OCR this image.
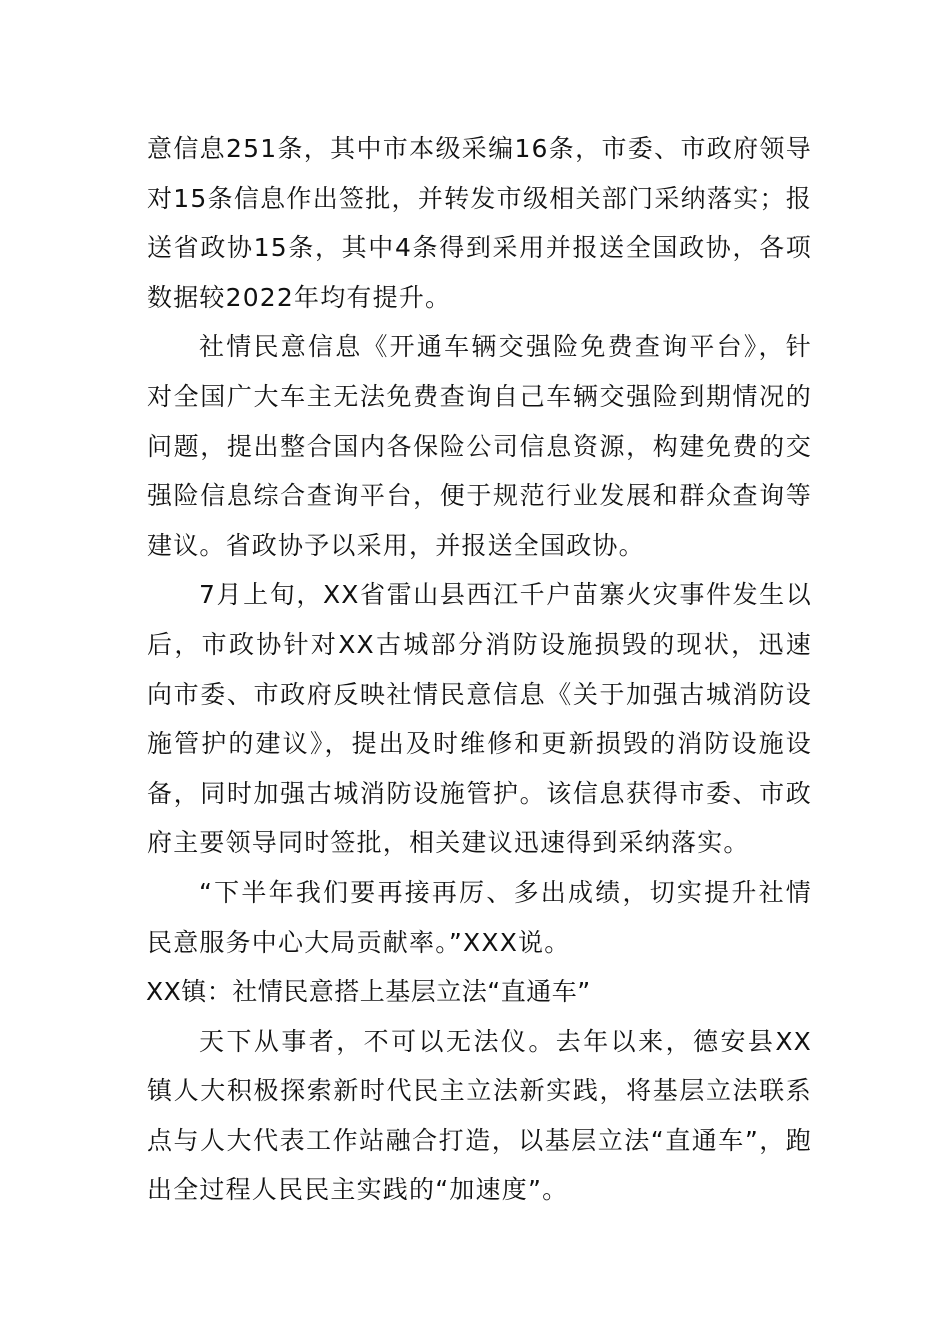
意信息251条，其中市本级采编16条，市委、市政府领导对15条信息作出签批，并转发市级相关部门采纳落实；报送省政协15条，其中4条得到采用并报送全国政协，各项数据较2022年均有提升。

社情民意信息《开通车辆交强险免费查询平台》，针对全国广大车主无法免费查询自己车辆交强险到期情况的问题，提出整合国内各保险公司信息资源，构建免费的交强险信息综合查询平台，便于规范行业发展和群众查询等建议。省政协予以采用，并报送全国政协。

7月上旬，XX省雷山县西江千户苗寨火灾事件发生以后，市政协针对XX古城部分消防设施损毁的现状，迅速向市委、市政府反映社情民意信息《关于加强古城消防设施管护的建议》，提出及时维修和更新损毁的消防设施设备，同时加强古城消防设施管护。该信息获得市委、市政府主要领导同时签批，相关建议迅速得到采纳落实。

“下半年我们要再接再厉、多出成绩，切实提升社情民意服务中心大局贡献率。”XXX说。

XX镇：社情民意搭上基层立法“直通车”

天下从事者，不可以无法仪。去年以来，德安县XX镇人大积极探索新时代民主立法新实践，将基层立法联系点与人大代表工作站融合打造，以基层立法“直通车”，跑出全过程人民民主实践的“加速度”。
